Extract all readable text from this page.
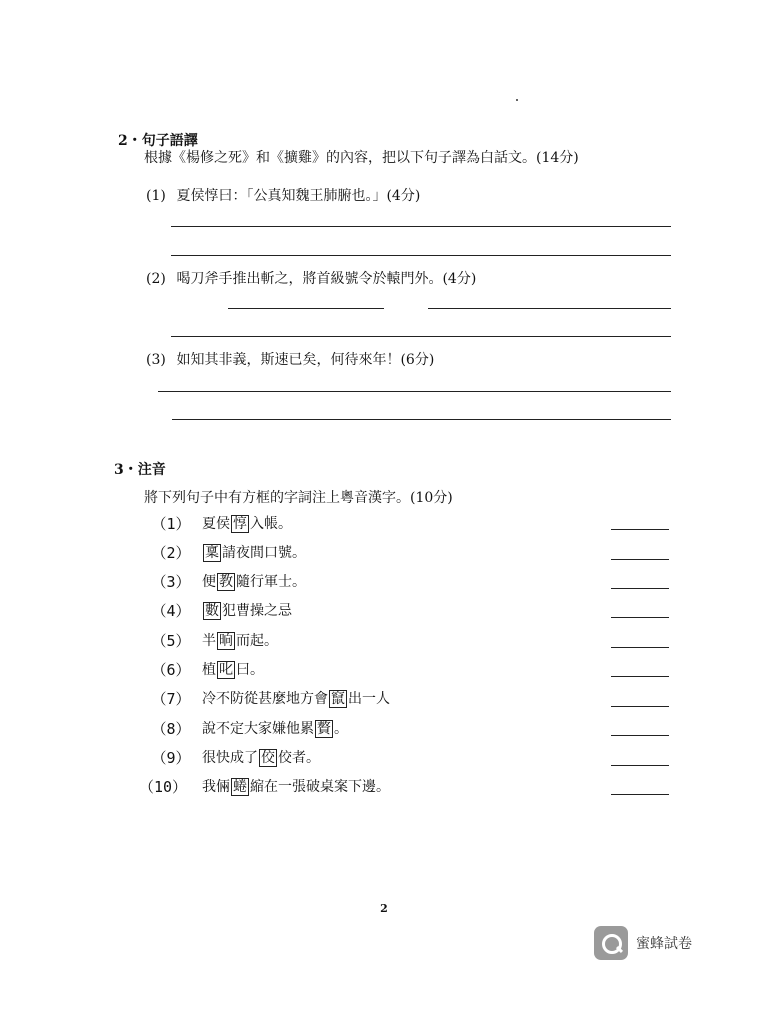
2・句子語譯
根據《楊修之死》和《擴雞》的內容，把以下句子譯為白話文。(14分)
(1) 夏侯惇曰：「公真知魏王肺腑也。」(4分)
(2) 喝刀斧手推出斬之，將首級號令於轅門外。(4分)
(3) 如知其非義，斯速已矣，何待來年！(6分)
3・注音
將下列句子中有方框的字詞注上粵音漢字。(10分)
（1） 夏侯 惇 入帳。
（2）	稟 請夜間口號。
（3） 便 教 隨行軍士。
（4）	數 犯曹操之忌
（5） 半 晌 而起。
（6） 植 叱 曰。
（7） 冷不防從甚麼地方會 竄 出一人
（8） 說不定大家嫌他累 贅 。
（9） 很快成了 佼 佼者。
（10）	我倆 蜷 縮在一張破桌案下邊。
2
蜜蜂試卷
